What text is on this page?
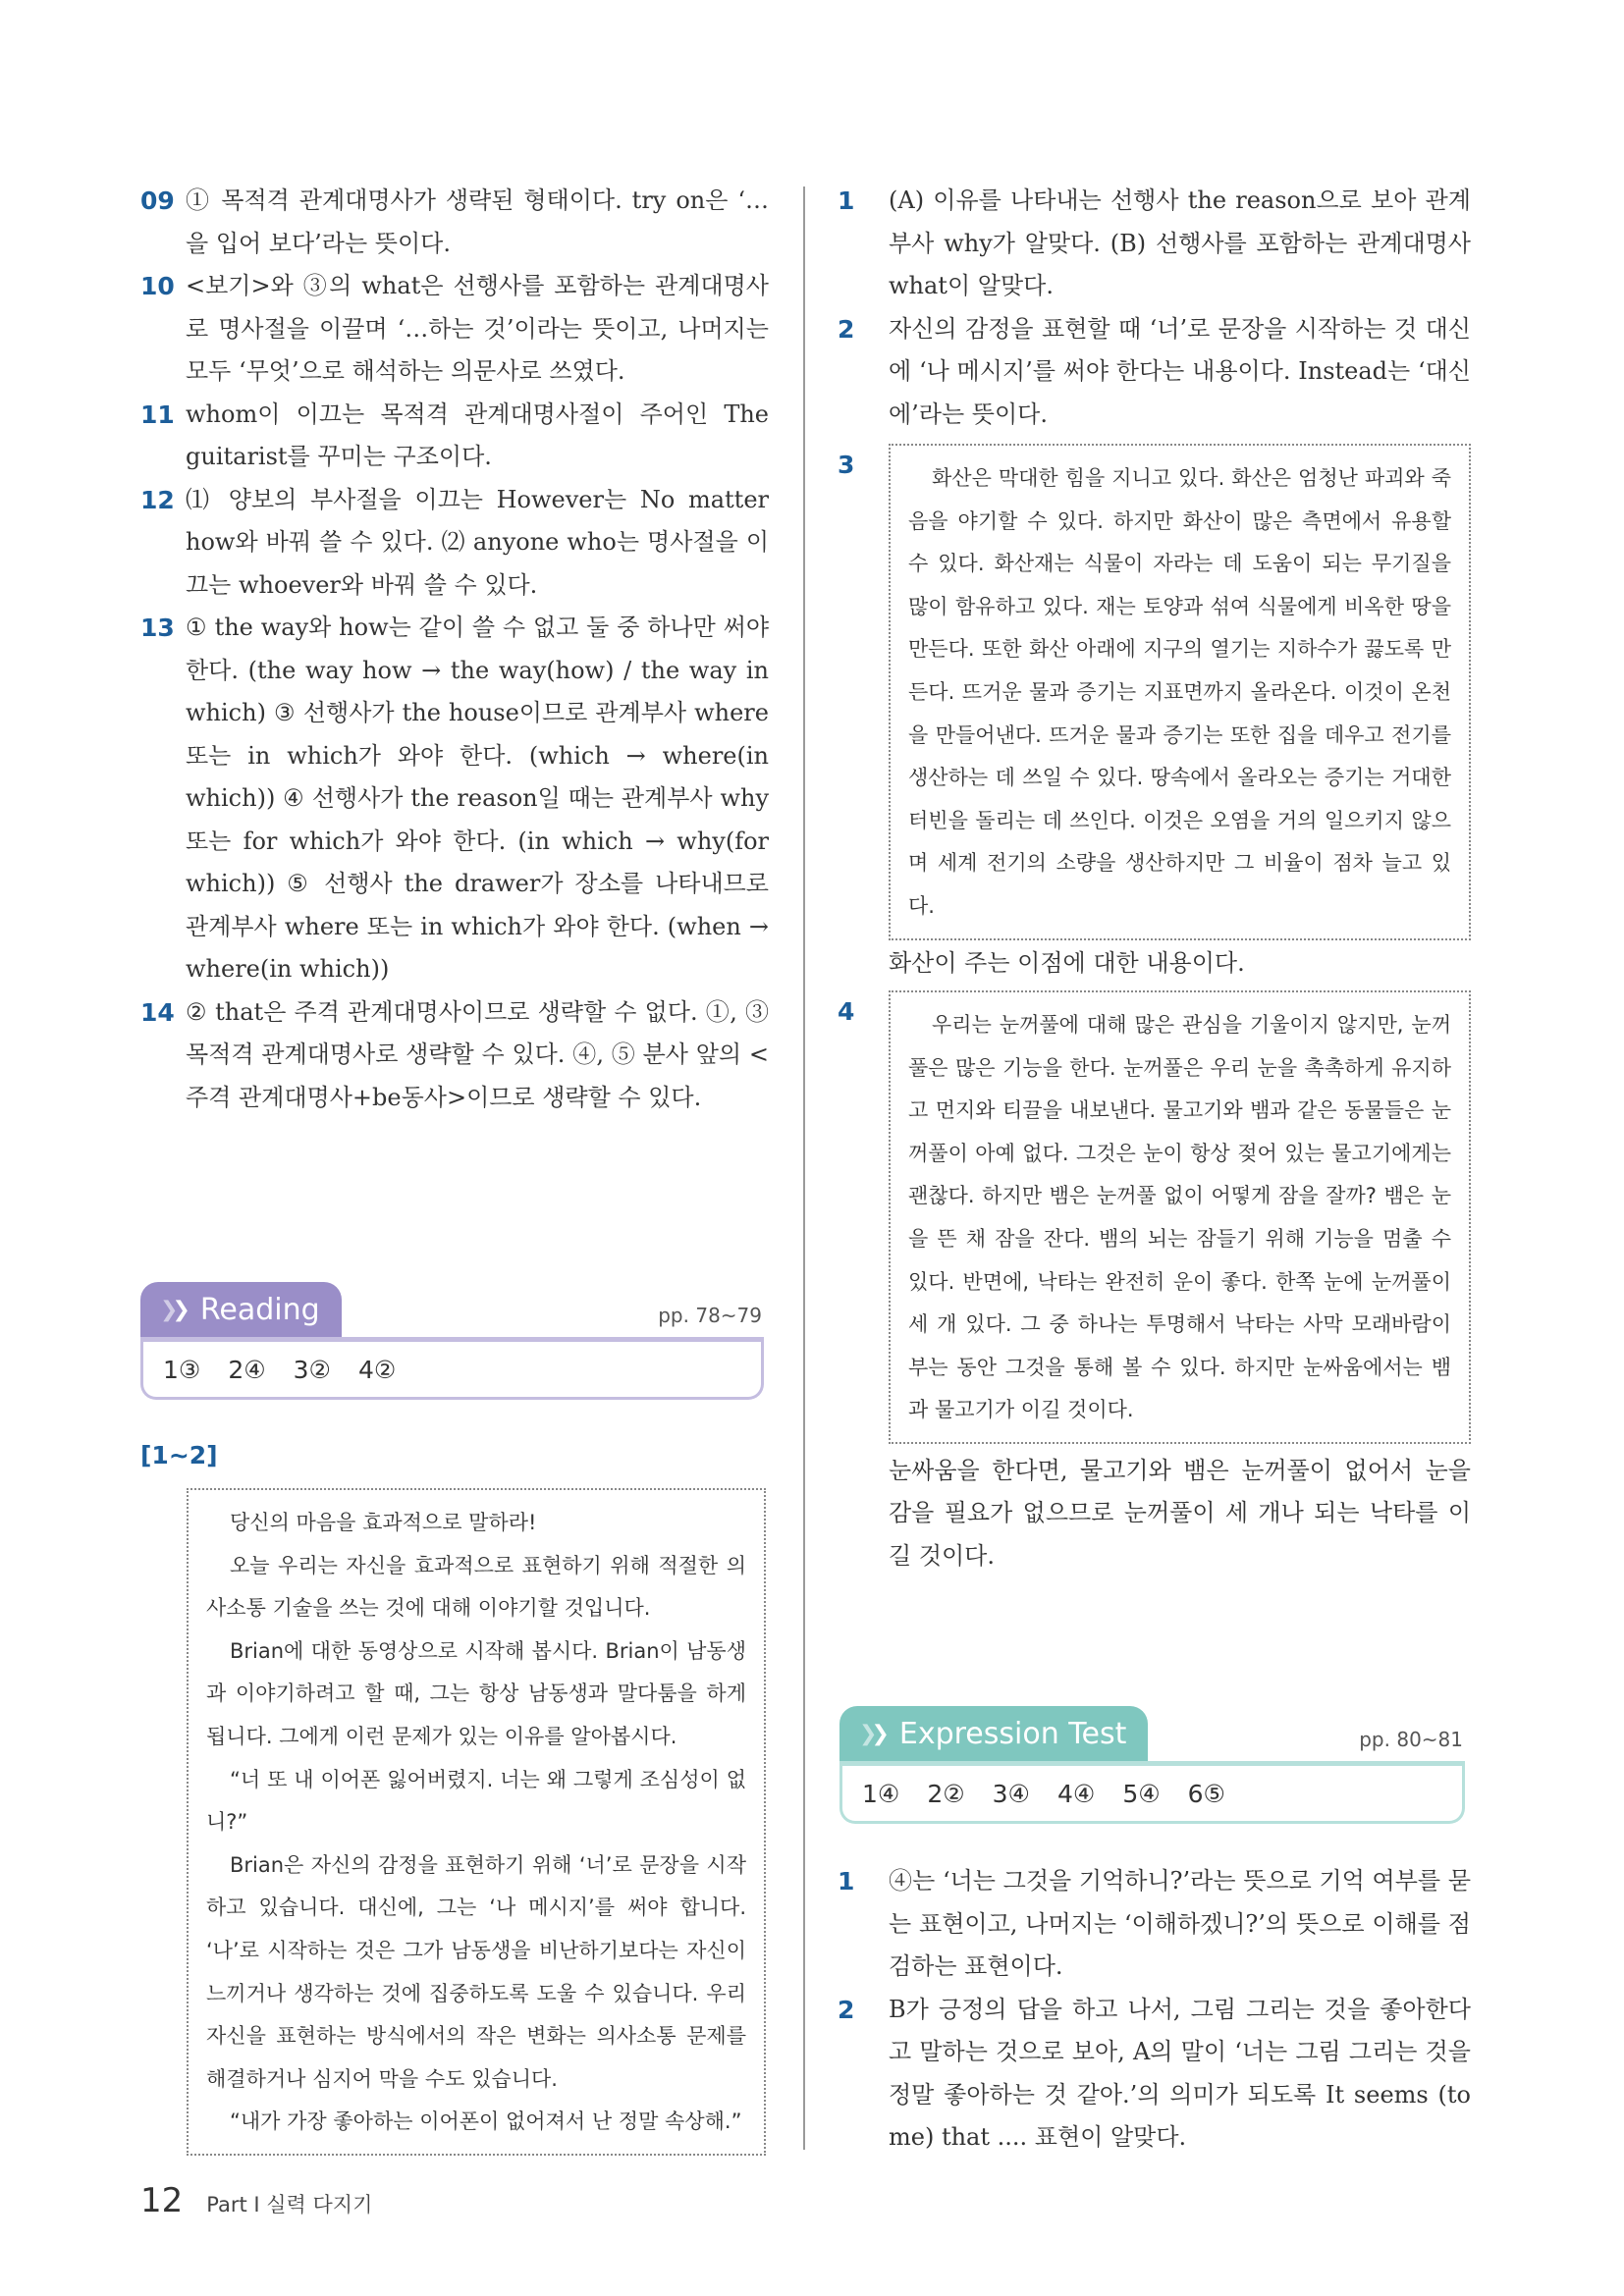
09 ① 목적격 관계대명사가 생략된 형태이다. try on은 ‘…을 입어 보다’라는 뜻이다.
10 <보기>와 ③의 what은 선행사를 포함하는 관계대명사로 명사절을 이끌며 ‘…하는 것’이라는 뜻이고, 나머지는 모두 ‘무엇’으로 해석하는 의문사로 쓰였다.
11 whom이 이끄는 목적격 관계대명사절이 주어인 The guitarist를 꾸미는 구조이다.
12 ⑴ 양보의 부사절을 이끄는 However는 No matter how와 바꿔 쓸 수 있다. ⑵ anyone who는 명사절을 이끄는 whoever와 바꿔 쓸 수 있다.
13 ① the way와 how는 같이 쓸 수 없고 둘 중 하나만 써야 한다. (the way how → the way(how) / the way in which) ③ 선행사가 the house이므로 관계부사 where 또는 in which가 와야 한다. (which → where(in which)) ④ 선행사가 the reason일 때는 관계부사 why 또는 for which가 와야 한다. (in which → why(for which)) ⑤ 선행사 the drawer가 장소를 나타내므로 관계부사 where 또는 in which가 와야 한다. (when → where(in which))
14 ② that은 주격 관계대명사이므로 생략할 수 없다. ①, ③ 목적격 관계대명사로 생략할 수 있다. ④, ⑤ 분사 앞의 <주격 관계대명사+be동사>이므로 생략할 수 있다.
❯❯ Reading	pp. 78~79
1③ 2④ 3② 4②
[1~2]

당신의 마음을 효과적으로 말하라!

오늘 우리는 자신을 효과적으로 표현하기 위해 적절한 의사소통 기술을 쓰는 것에 대해 이야기할 것입니다.

Brian에 대한 동영상으로 시작해 봅시다. Brian이 남동생과 이야기하려고 할 때, 그는 항상 남동생과 말다툼을 하게 됩니다. 그에게 이런 문제가 있는 이유를 알아봅시다.

“너 또 내 이어폰 잃어버렸지. 너는 왜 그렇게 조심성이 없니?”

Brian은 자신의 감정을 표현하기 위해 ‘너’로 문장을 시작하고 있습니다. 대신에, 그는 ‘나 메시지’를 써야 합니다. ‘나’로 시작하는 것은 그가 남동생을 비난하기보다는 자신이 느끼거나 생각하는 것에 집중하도록 도울 수 있습니다. 우리 자신을 표현하는 방식에서의 작은 변화는 의사소통 문제를 해결하거나 심지어 막을 수도 있습니다.

“내가 가장 좋아하는 이어폰이 없어져서 난 정말 속상해.”

1	(A) 이유를 나타내는 선행사 the reason으로 보아 관계부사 why가 알맞다. (B) 선행사를 포함하는 관계대명사 what이 알맞다.
2	자신의 감정을 표현할 때 ‘너’로 문장을 시작하는 것 대신에 ‘나 메시지’를 써야 한다는 내용이다. Instead는 ‘대신에’라는 뜻이다.
3	화산은 막대한 힘을 지니고 있다. 화산은 엄청난 파괴와 죽음을 야기할 수 있다. 하지만 화산이 많은 측면에서 유용할 수 있다. 화산재는 식물이 자라는 데 도움이 되는 무기질을 많이 함유하고 있다. 재는 토양과 섞여 식물에게 비옥한 땅을 만든다. 또한 화산 아래에 지구의 열기는 지하수가 끓도록 만든다. 뜨거운 물과 증기는 지표면까지 올라온다. 이것이 온천을 만들어낸다. 뜨거운 물과 증기는 또한 집을 데우고 전기를 생산하는 데 쓰일 수 있다. 땅속에서 올라오는 증기는 거대한 터빈을 돌리는 데 쓰인다. 이것은 오염을 거의 일으키지 않으며 세계 전기의 소량을 생산하지만 그 비율이 점차 늘고 있다.

화산이 주는 이점에 대한 내용이다.
4	우리는 눈꺼풀에 대해 많은 관심을 기울이지 않지만, 눈꺼풀은 많은 기능을 한다. 눈꺼풀은 우리 눈을 촉촉하게 유지하고 먼지와 티끌을 내보낸다. 물고기와 뱀과 같은 동물들은 눈꺼풀이 아예 없다. 그것은 눈이 항상 젖어 있는 물고기에게는 괜찮다. 하지만 뱀은 눈꺼풀 없이 어떻게 잠을 잘까? 뱀은 눈을 뜬 채 잠을 잔다. 뱀의 뇌는 잠들기 위해 기능을 멈출 수 있다. 반면에, 낙타는 완전히 운이 좋다. 한쪽 눈에 눈꺼풀이 세 개 있다. 그 중 하나는 투명해서 낙타는 사막 모래바람이 부는 동안 그것을 통해 볼 수 있다. 하지만 눈싸움에서는 뱀과 물고기가 이길 것이다.

눈싸움을 한다면, 물고기와 뱀은 눈꺼풀이 없어서 눈을 감을 필요가 없으므로 눈꺼풀이 세 개나 되는 낙타를 이길 것이다.
❯❯ Expression Test	pp. 80~81
1④ 2② 3④ 4④ 5④ 6⑤
1	④는 ‘너는 그것을 기억하니?’라는 뜻으로 기억 여부를 묻는 표현이고, 나머지는 ‘이해하겠니?’의 뜻으로 이해를 점검하는 표현이다.
2	B가 긍정의 답을 하고 나서, 그림 그리는 것을 좋아한다고 말하는 것으로 보아, A의 말이 ‘너는 그림 그리는 것을 정말 좋아하는 것 같아.’의 의미가 되도록 It seems (to me) that .... 표현이 알맞다.
12 Part Ⅰ 실력 다지기
